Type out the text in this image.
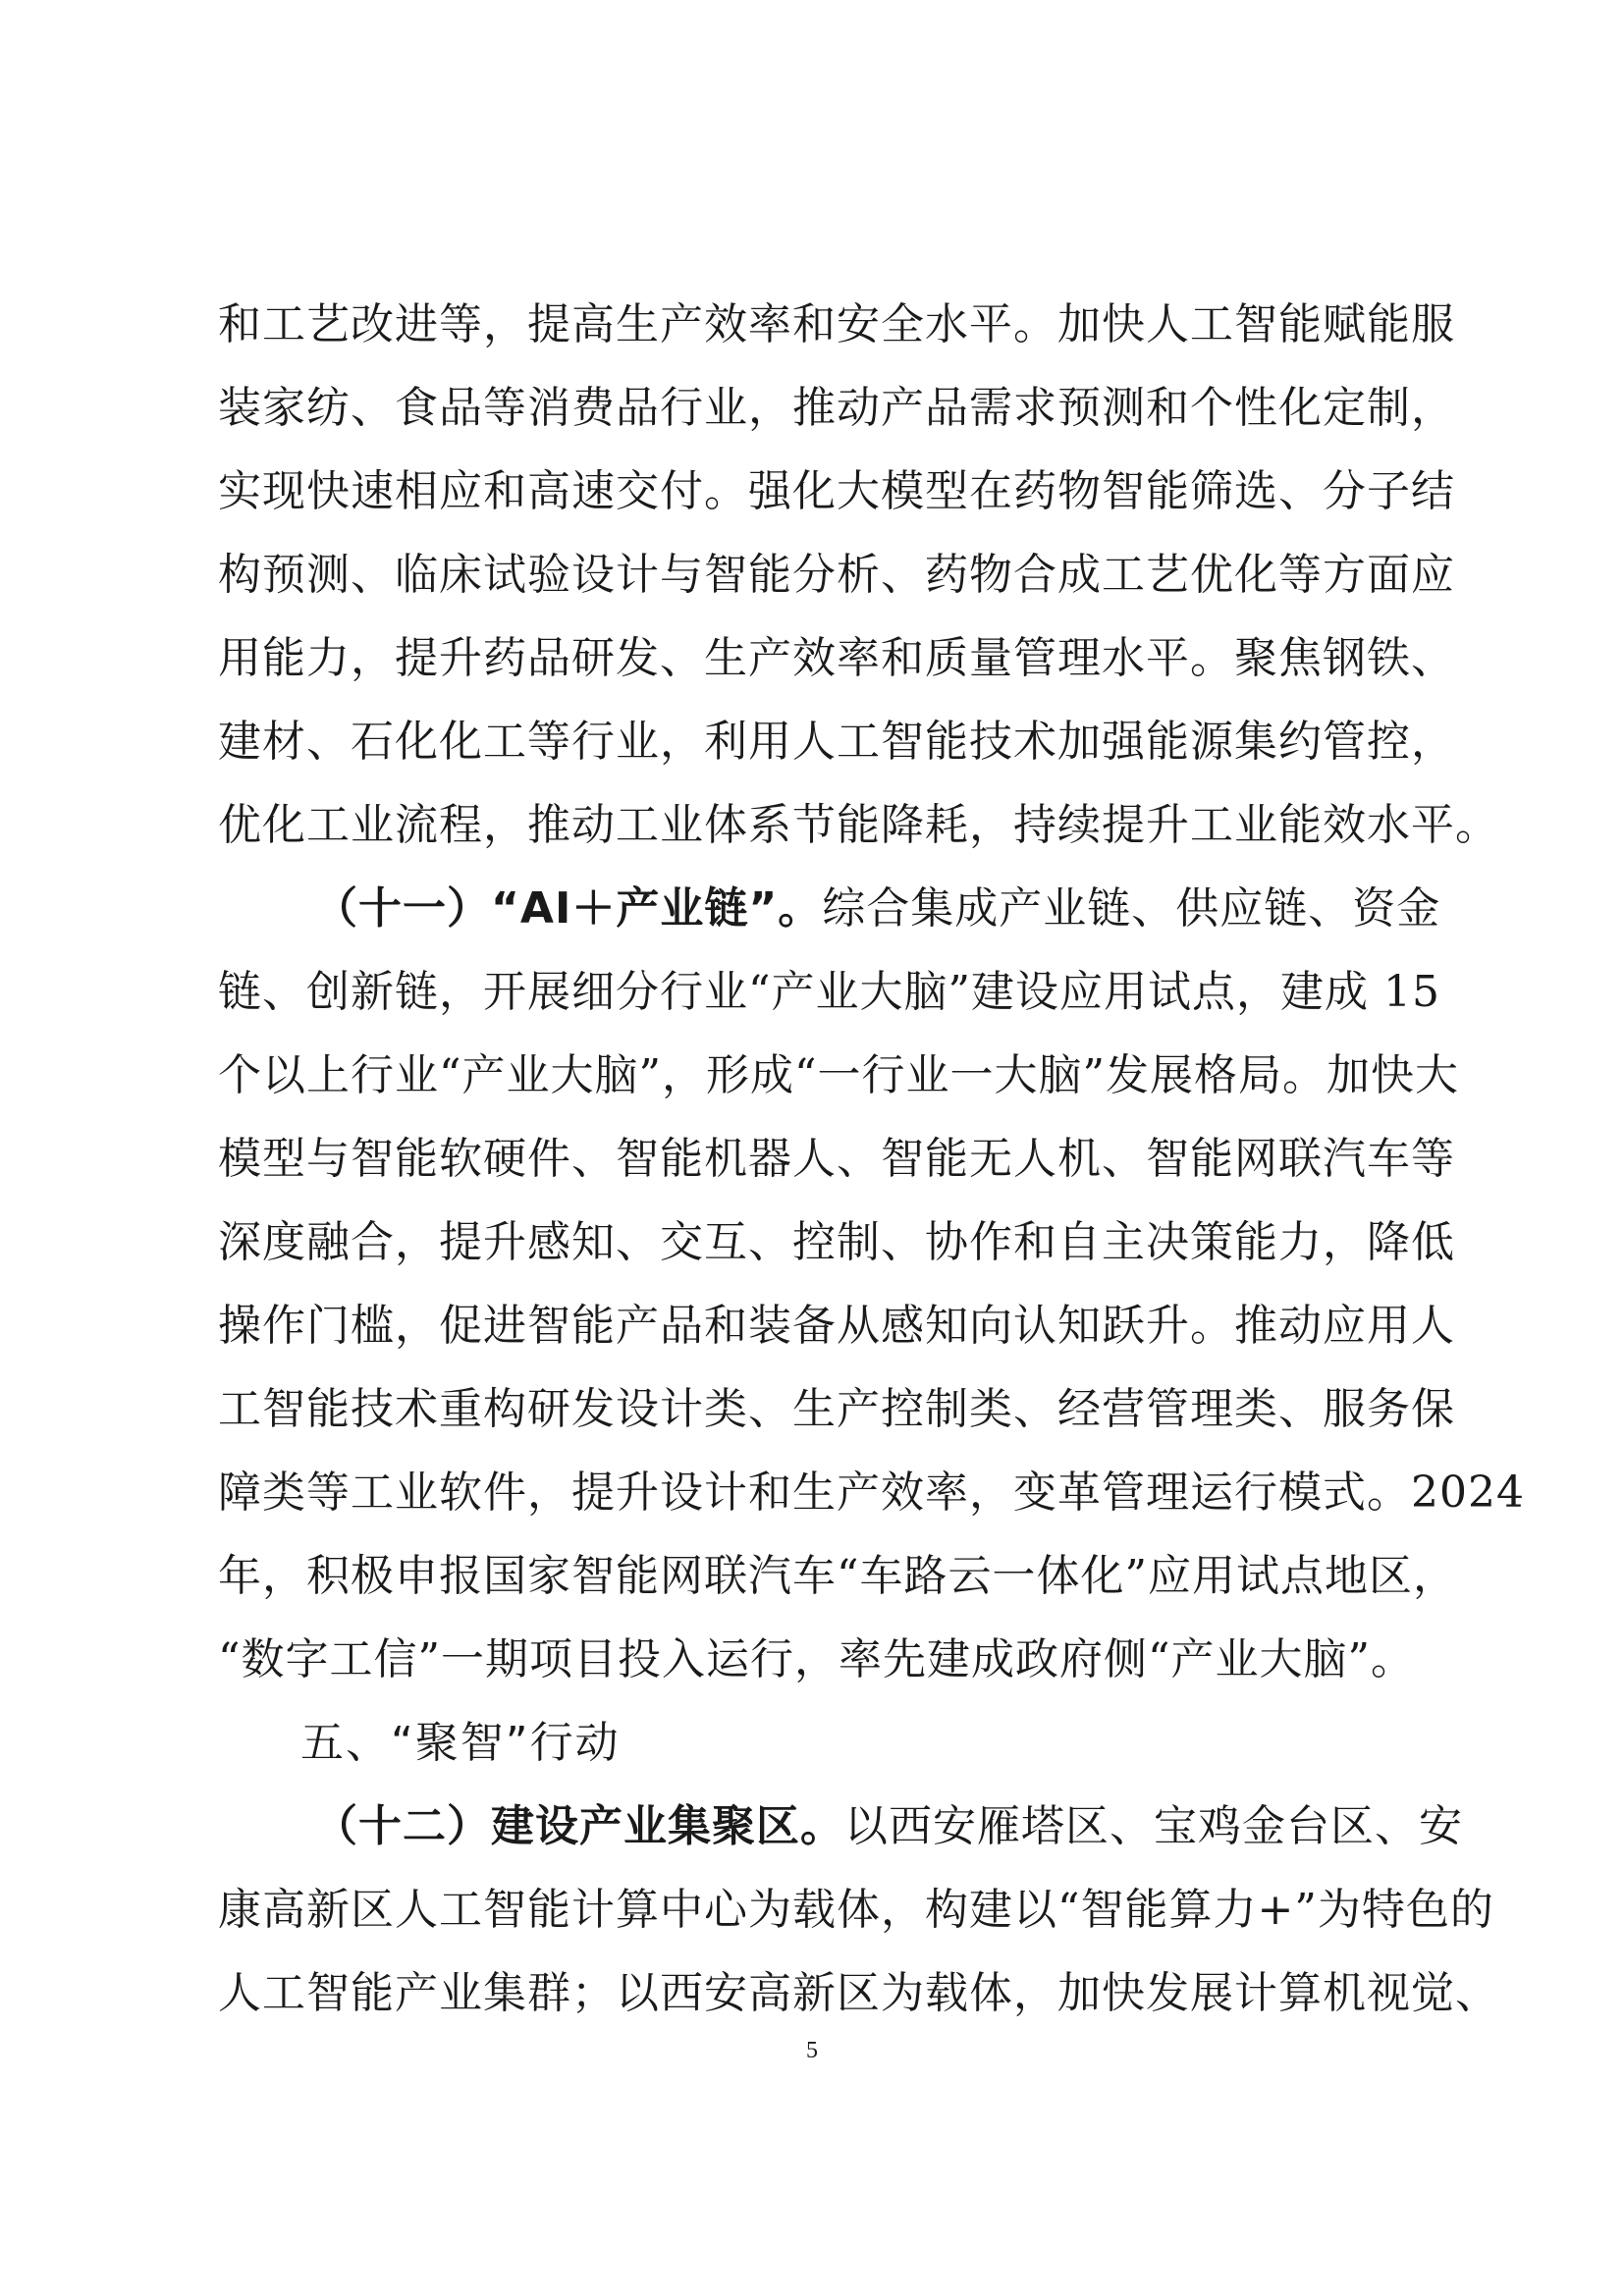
和工艺改进等，提高生产效率和安全水平。加快人工智能赋能服
装家纺、食品等消费品行业，推动产品需求预测和个性化定制，
实现快速相应和高速交付。强化大模型在药物智能筛选、分子结
构预测、临床试验设计与智能分析、药物合成工艺优化等方面应
用能力，提升药品研发、生产效率和质量管理水平。聚焦钢铁、
建材、石化化工等行业，利用人工智能技术加强能源集约管控，
优化工业流程，推动工业体系节能降耗，持续提升工业能效水平。
（十一）“AI＋产业链”。综合集成产业链、供应链、资金
链、创新链，开展细分行业“产业大脑”建设应用试点，建成 15
个以上行业“产业大脑”，形成“一行业一大脑”发展格局。加快大
模型与智能软硬件、智能机器人、智能无人机、智能网联汽车等
深度融合，提升感知、交互、控制、协作和自主决策能力，降低
操作门槛，促进智能产品和装备从感知向认知跃升。推动应用人
工智能技术重构研发设计类、生产控制类、经营管理类、服务保
障类等工业软件，提升设计和生产效率，变革管理运行模式。2024
年，积极申报国家智能网联汽车“车路云一体化”应用试点地区，
“数字工信”一期项目投入运行，率先建成政府侧“产业大脑”。
五、“聚智”行动
（十二）建设产业集聚区。以西安雁塔区、宝鸡金台区、安
康高新区人工智能计算中心为载体，构建以“智能算力+”为特色的
人工智能产业集群；以西安高新区为载体，加快发展计算机视觉、
5
